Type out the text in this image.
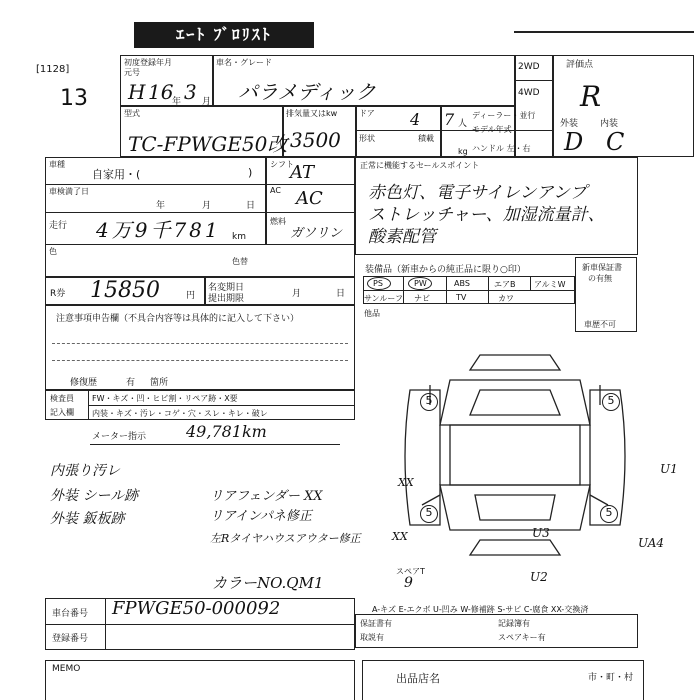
ｴｰﾄ ﾌﾞﾛﾘｽﾄ
[1128]
13
初度登録年月
元号
H 16
年 3 月
車名・グレード
パラメディック
2WD
4WD
評価点
R
型式
TC-FPWGE50改
排気量又はkw
3500
ドア 4 7 人
形状	積載
kg
ディーラー・並行
モデル年式
ハンドル 左・右
外装 内装
D C
車種
自家用・(	)
車検満了日
年	月	日
走行 4万9千781 km
色
色替
シフト
AT
AC AC
燃料
ガソリン
正常に機能するセールスポイント
赤色灯、電子サイレンアンプ
ストレッチャー、加湿流量計、
酸素配管
R券 15850	円
名変期日
提出期限	月	日
装備品（新車からの純正品に限り○印）
PS	PW	ABS	エアB アルミW
サンルーフ ナビ	TV	カワ
他品
新車保証書
の有無
車歴不可
注意事項申告欄（不具合内容等は具体的に記入して下さい）
修復歴	有 箇所
検査員
記入欄
FW・キズ・凹・ヒビ割・リペア跡・X要
内装・キズ・汚レ・コゲ・穴・スレ・キレ・破レ
メーター指示 49,781km
内張り汚レ
外装 シール跡
外装 鈑板跡
リアフェンダー XX
リアインパネ修正
左Rタイヤハウスアウター修正
カラーNO.QM1
5	5
5	5
XX
XX
U1
U3
U2
UA4
スペアT
9
車台番号 FPWGE50-000092
登録番号
A-キズ E-エクボ U-凹み W-修補跡 S-サビ C-腐食 XX-交換済
保証書有
取説有
記録簿有
スペアキー有
MEMO
出品店名	市・町・村
